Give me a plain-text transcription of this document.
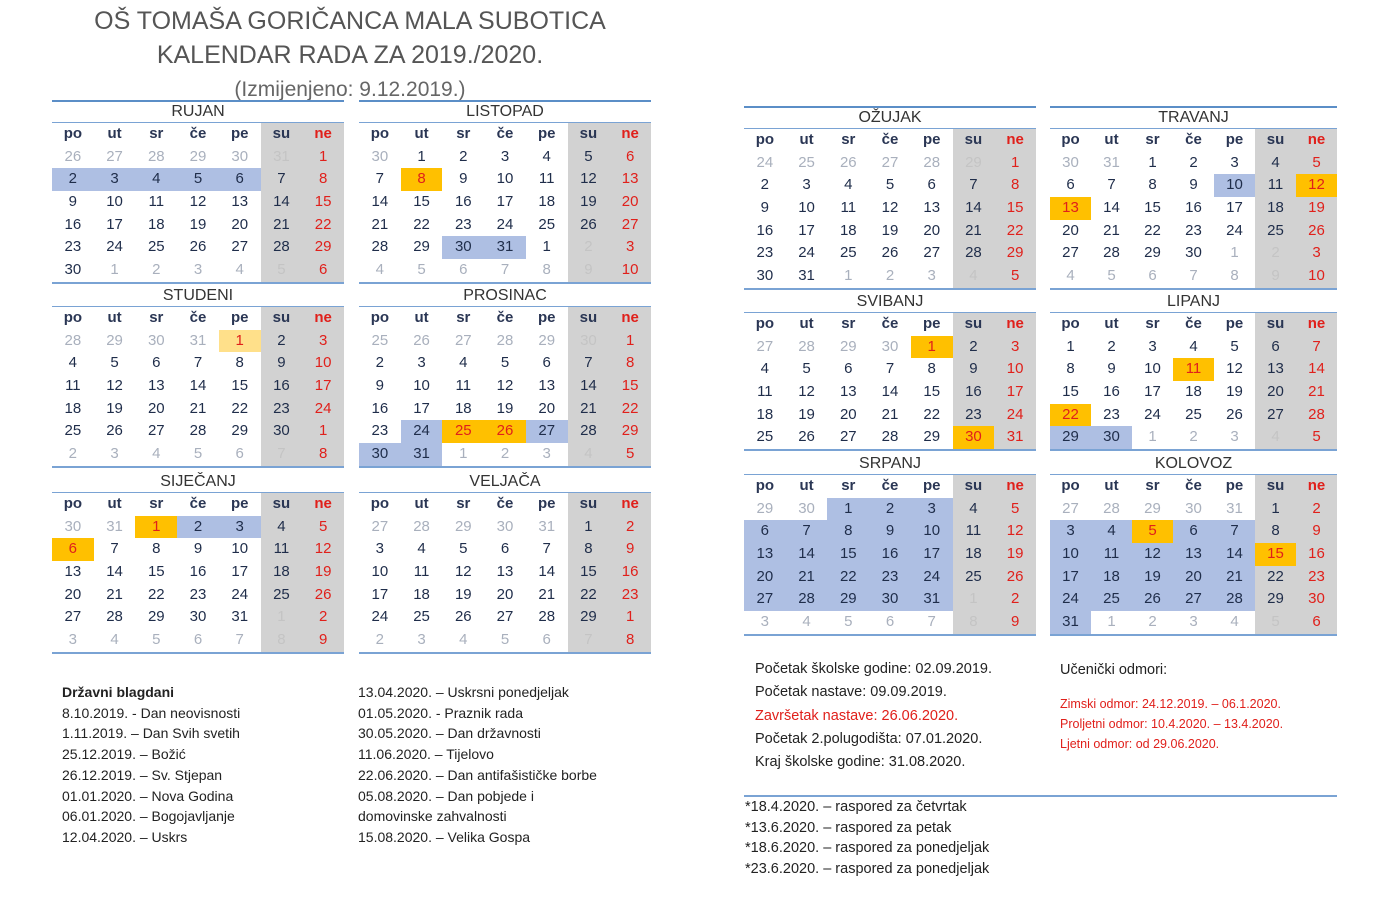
OŠ TOMAŠA GORIČANCA MALA SUBOTICA
KALENDAR RADA ZA 2019./2020.
(Izmijenjeno: 9.12.2019.)
RUJAN
po	ut	sr	če	pe	su	ne
26	27	28	29	30	31	1
2	3	4	5	6	7	8
9	10	11	12	13	14	15
16	17	18	19	20	21	22
23	24	25	26	27	28	29
30	1	2	3	4	5	6
LISTOPAD
po	ut	sr	če	pe	su	ne
30	1	2	3	4	5	6
7	8	9	10	11	12	13
14	15	16	17	18	19	20
21	22	23	24	25	26	27
28	29	30	31	1	2	3
4	5	6	7	8	9	10
STUDENI
po	ut	sr	če	pe	su	ne
28	29	30	31	1	2	3
4	5	6	7	8	9	10
11	12	13	14	15	16	17
18	19	20	21	22	23	24
25	26	27	28	29	30	1
2	3	4	5	6	7	8
PROSINAC
po	ut	sr	če	pe	su	ne
25	26	27	28	29	30	1
2	3	4	5	6	7	8
9	10	11	12	13	14	15
16	17	18	19	20	21	22
23	24	25	26	27	28	29
30	31	1	2	3	4	5
SIJEČANJ
po	ut	sr	če	pe	su	ne
30	31	1	2	3	4	5
6	7	8	9	10	11	12
13	14	15	16	17	18	19
20	21	22	23	24	25	26
27	28	29	30	31	1	2
3	4	5	6	7	8	9
VELJAČA
po	ut	sr	če	pe	su	ne
27	28	29	30	31	1	2
3	4	5	6	7	8	9
10	11	12	13	14	15	16
17	18	19	20	21	22	23
24	25	26	27	28	29	1
2	3	4	5	6	7	8
OŽUJAK
po	ut	sr	če	pe	su	ne
24	25	26	27	28	29	1
2	3	4	5	6	7	8
9	10	11	12	13	14	15
16	17	18	19	20	21	22
23	24	25	26	27	28	29
30	31	1	2	3	4	5
TRAVANJ
po	ut	sr	če	pe	su	ne
30	31	1	2	3	4	5
6	7	8	9	10	11	12
13	14	15	16	17	18	19
20	21	22	23	24	25	26
27	28	29	30	1	2	3
4	5	6	7	8	9	10
SVIBANJ
po	ut	sr	če	pe	su	ne
27	28	29	30	1	2	3
4	5	6	7	8	9	10
11	12	13	14	15	16	17
18	19	20	21	22	23	24
25	26	27	28	29	30	31
LIPANJ
po	ut	sr	če	pe	su	ne
1	2	3	4	5	6	7
8	9	10	11	12	13	14
15	16	17	18	19	20	21
22	23	24	25	26	27	28
29	30	1	2	3	4	5
SRPANJ
po	ut	sr	če	pe	su	ne
29	30	1	2	3	4	5
6	7	8	9	10	11	12
13	14	15	16	17	18	19
20	21	22	23	24	25	26
27	28	29	30	31	1	2
3	4	5	6	7	8	9
KOLOVOZ
po	ut	sr	če	pe	su	ne
27	28	29	30	31	1	2
3	4	5	6	7	8	9
10	11	12	13	14	15	16
17	18	19	20	21	22	23
24	25	26	27	28	29	30
31	1	2	3	4	5	6
Državni blagdani
8.10.2019. - Dan neovisnosti
1.11.2019. – Dan Svih svetih
25.12.2019. – Božić
26.12.2019. – Sv. Stjepan
01.01.2020. – Nova Godina
06.01.2020. – Bogojavljanje
12.04.2020. – Uskrs
13.04.2020. – Uskrsni ponedjeljak
01.05.2020. - Praznik rada
30.05.2020. – Dan državnosti
11.06.2020. – Tijelovo
22.06.2020. – Dan antifašističke borbe
05.08.2020. – Dan pobjede i
domovinske zahvalnosti
15.08.2020. – Velika Gospa
Početak školske godine: 02.09.2019.
Početak nastave: 09.09.2019.
Završetak nastave: 26.06.2020.
Početak 2.polugodišta: 07.01.2020.
Kraj školske godine: 31.08.2020.
Učenički odmori:
Zimski odmor: 24.12.2019. – 06.1.2020.
Proljetni odmor: 10.4.2020. – 13.4.2020.
Ljetni odmor: od 29.06.2020.
*18.4.2020. – raspored za četvrtak
*13.6.2020. – raspored za petak
*18.6.2020. – raspored za ponedjeljak
*23.6.2020. – raspored za ponedjeljak
